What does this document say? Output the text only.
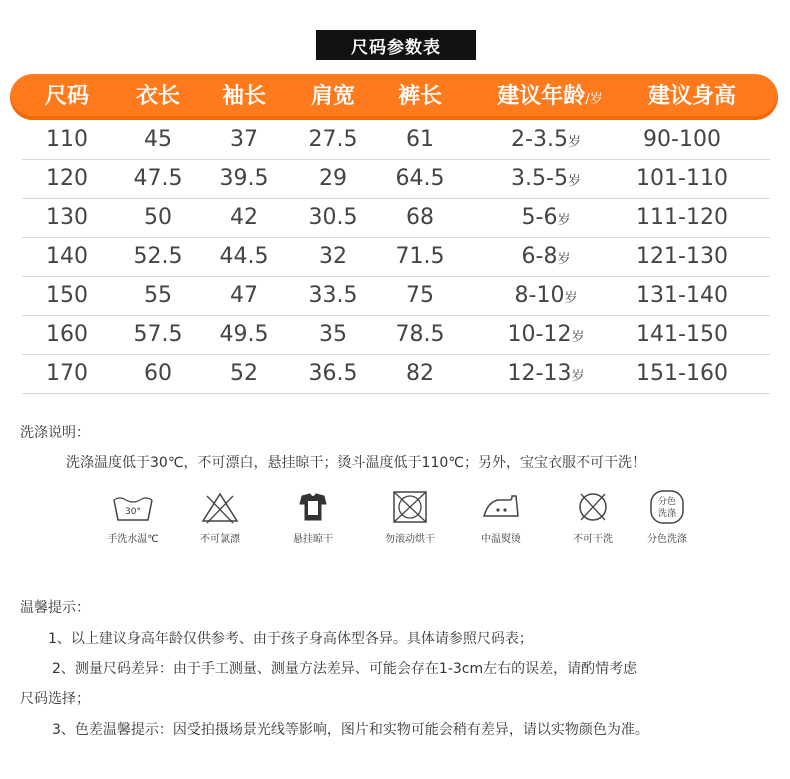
尺码参数表
尺码 衣长 袖长 肩宽 裤长	建议年龄/岁 建议身高
110	45	37 27.5 61	2-3.5岁	90-100
120 47.5 39.5 29 64.5	3.5-5岁	101-110
130	50	42 30.5 68	5-6岁	111-120
140 52.5 44.5 32 71.5	6-8岁	121-130
150	55	47 33.5 75	8-10岁	131-140
160 57.5 49.5 35 78.5	10-12岁 141-150
170	60	52 36.5 82	12-13岁 151-160
洗涤说明：
洗涤温度低于30℃，不可漂白，悬挂晾干；烫斗温度低于110℃；另外，宝宝衣服不可干洗！
30°
手洗水温℃	不可氯漂	悬挂晾干	勿滚动烘干	中温熨烫	不可干洗
分色
洗涤
分色洗涤
温馨提示：
1、以上建议身高年龄仅供参考、由于孩子身高体型各异。具体请参照尺码表；
2、测量尺码差异：由于手工测量、测量方法差异、可能会存在1-3cm左右的误差，请酌情考虑
尺码选择；
3、色差温馨提示：因受拍摄场景光线等影响，图片和实物可能会稍有差异，请以实物颜色为准。
